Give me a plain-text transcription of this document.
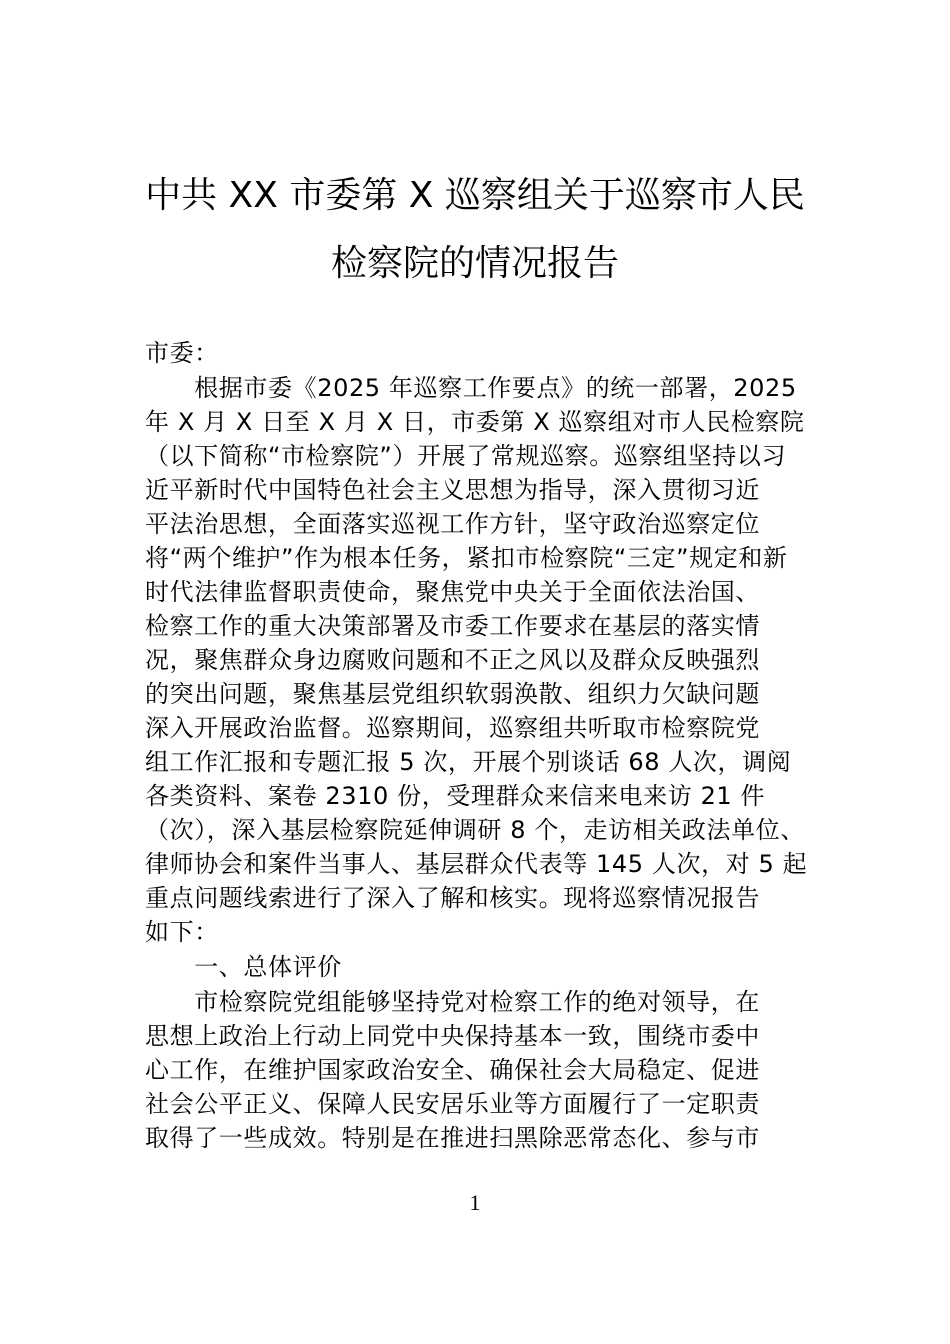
中共 XX 市委第 X 巡察组关于巡察市人民
检察院的情况报告
市委：
　　根据市委《2025 年巡察工作要点》的统一部署，2025
年 X 月 X 日至 X 月 X 日，市委第 X 巡察组对市人民检察院
（以下简称“市检察院”）开展了常规巡察。巡察组坚持以习
近平新时代中国特色社会主义思想为指导，深入贯彻习近
平法治思想，全面落实巡视工作方针，坚守政治巡察定位
将“两个维护”作为根本任务，紧扣市检察院“三定”规定和新
时代法律监督职责使命，聚焦党中央关于全面依法治国、
检察工作的重大决策部署及市委工作要求在基层的落实情
况，聚焦群众身边腐败问题和不正之风以及群众反映强烈
的突出问题，聚焦基层党组织软弱涣散、组织力欠缺问题
深入开展政治监督。巡察期间，巡察组共听取市检察院党
组工作汇报和专题汇报 5 次，开展个别谈话 68 人次，调阅
各类资料、案卷 2310 份，受理群众来信来电来访 21 件
（次），深入基层检察院延伸调研 8 个，走访相关政法单位、
律师协会和案件当事人、基层群众代表等 145 人次，对 5 起
重点问题线索进行了深入了解和核实。现将巡察情况报告
如下：
　　一、总体评价
　　市检察院党组能够坚持党对检察工作的绝对领导，在
思想上政治上行动上同党中央保持基本一致，围绕市委中
心工作，在维护国家政治安全、确保社会大局稳定、促进
社会公平正义、保障人民安居乐业等方面履行了一定职责
取得了一些成效。特别是在推进扫黑除恶常态化、参与市
1
